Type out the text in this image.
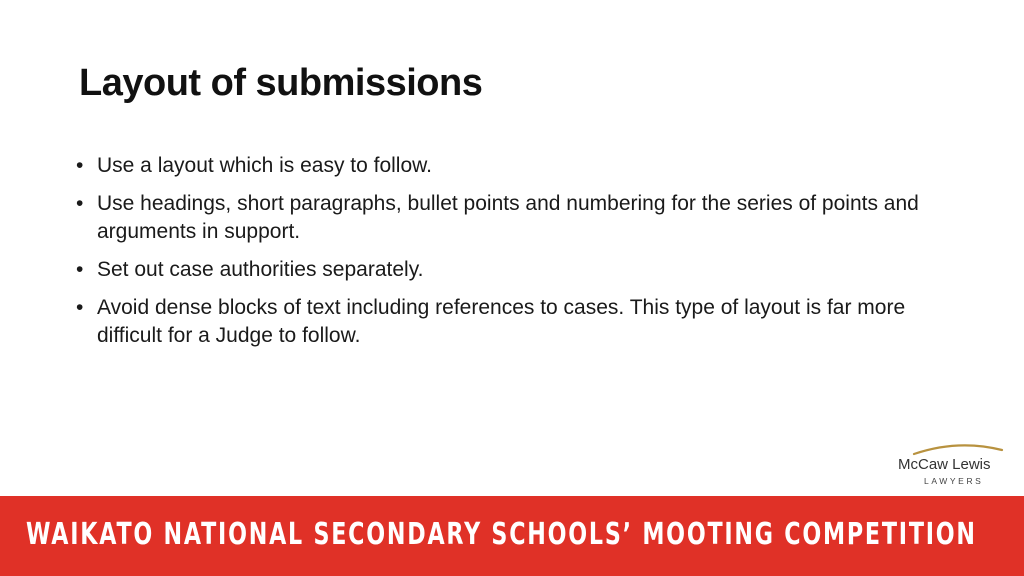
Layout of submissions
• Use a layout which is easy to follow.
• Use headings, short paragraphs, bullet points and numbering for the series of points and arguments in support.
• Set out case authorities separately.
• Avoid dense blocks of text including references to cases. This type of layout is far more difficult for a Judge to follow.
McCaw Lewis
LAWYERS
WAIKATO NATIONAL SECONDARY SCHOOLS’ MOOTING COMPETITION
